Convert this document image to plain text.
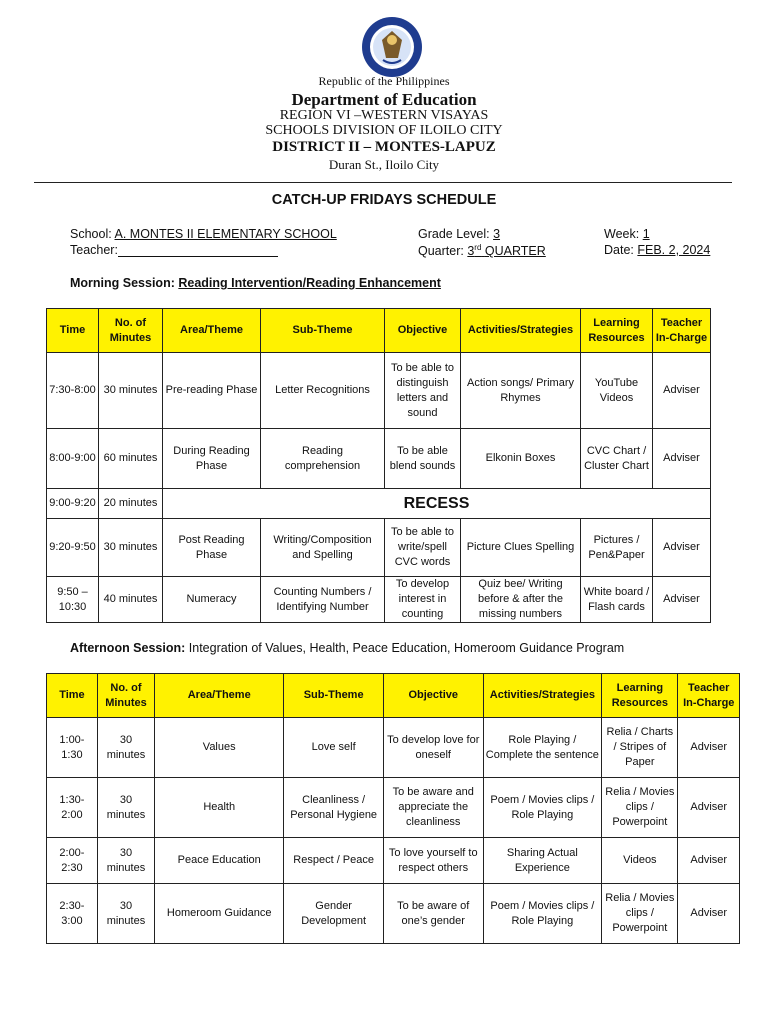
Republic of the Philippines
Department of Education
REGION VI –WESTERN VISAYAS
SCHOOLS DIVISION OF ILOILO CITY
DISTRICT II – MONTES-LAPUZ
Duran St., Iloilo City
CATCH-UP FRIDAYS SCHEDULE
School: A. MONTES II ELEMENTARY SCHOOL
Teacher:
Grade Level: 3
Quarter: 3rd QUARTER
Week: 1
Date: FEB. 2, 2024
Morning Session: Reading Intervention/Reading Enhancement
Time	No. of Minutes	Area/Theme	Sub-Theme	Objective	Activities/Strategies	Learning Resources	Teacher In-Charge
7:30-8:00	30 minutes	Pre-reading Phase	Letter Recognitions	To be able to distinguish letters and sound	Action songs/ Primary Rhymes	YouTube Videos	Adviser
8:00-9:00	60 minutes	During Reading Phase	Reading comprehension	To be able blend sounds	Elkonin Boxes	CVC Chart / Cluster Chart	Adviser
9:00-9:20	20 minutes	RECESS					
9:20-9:50	30 minutes	Post Reading Phase	Writing/Composition and Spelling	To be able to write/spell CVC words	Picture Clues Spelling	Pictures / Pen&Paper	Adviser
9:50 – 10:30	40 minutes	Numeracy	Counting Numbers / Identifying Number	To develop interest in counting	Quiz bee/ Writing before & after the missing numbers	White board / Flash cards	Adviser
Afternoon Session: Integration of Values, Health, Peace Education, Homeroom Guidance Program
Time	No. of Minutes	Area/Theme	Sub-Theme	Objective	Activities/Strategies	Learning Resources	Teacher In-Charge
1:00-1:30	30 minutes	Values	Love self	To develop love for oneself	Role Playing / Complete the sentence	Relia / Charts / Stripes of Paper	Adviser
1:30-2:00	30 minutes	Health	Cleanliness / Personal Hygiene	To be aware and appreciate the cleanliness	Poem / Movies clips / Role Playing	Relia / Movies clips / Powerpoint	Adviser
2:00-2:30	30 minutes	Peace Education	Respect / Peace	To love yourself to respect others	Sharing Actual Experience	Videos	Adviser
2:30-3:00	30 minutes	Homeroom Guidance	Gender Development	To be aware of one’s gender	Poem / Movies clips / Role Playing	Relia / Movies clips / Powerpoint	Adviser
